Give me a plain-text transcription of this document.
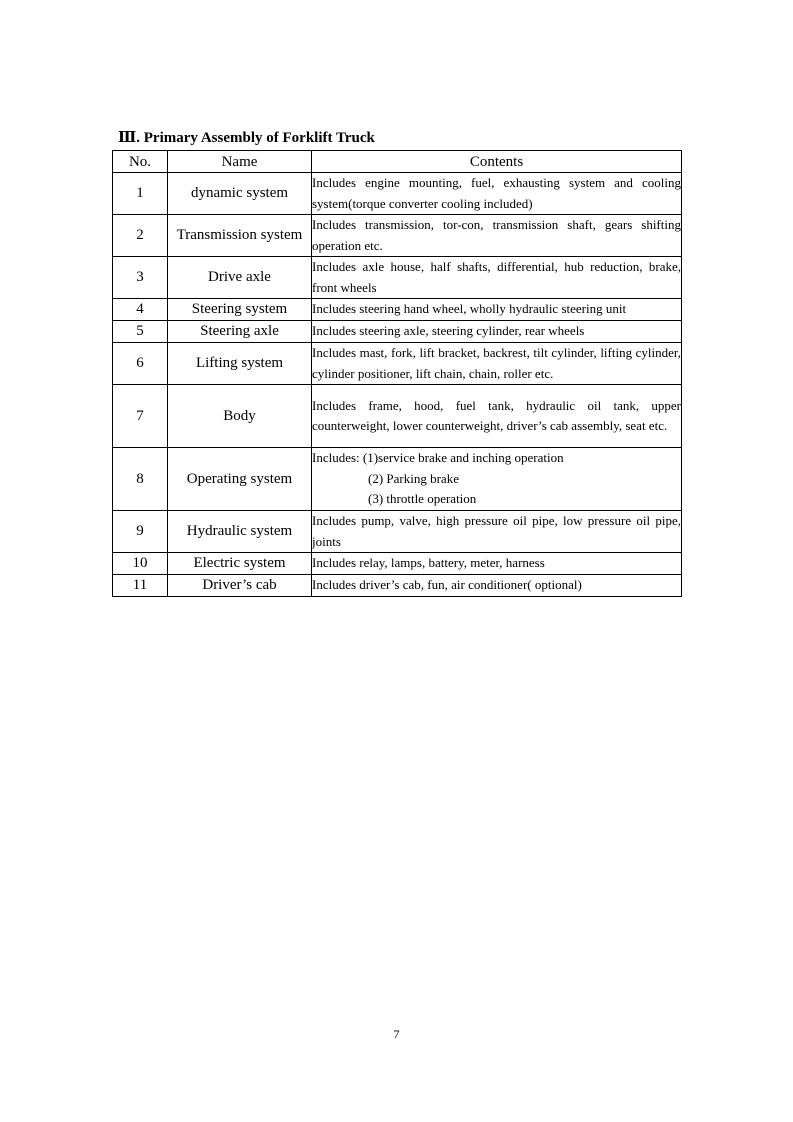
Ⅲ. Primary Assembly of Forklift Truck
No.	Name	Contents
1	dynamic system	Includes engine mounting, fuel, exhausting system and cooling system(torque converter cooling included)

2	Transmission system	Includes transmission, tor-con, transmission shaft, gears shifting operation etc.

3	Drive axle	Includes axle house, half shafts, differential, hub reduction, brake, front wheels

4	Steering system	Includes steering hand wheel, wholly hydraulic steering unit

5	Steering axle	Includes steering axle, steering cylinder, rear wheels

6	Lifting system	Includes mast, fork, lift bracket, backrest, tilt cylinder, lifting cylinder, cylinder positioner, lift chain, chain, roller etc.

7	Body	Includes frame, hood, fuel tank, hydraulic oil tank, upper counterweight, lower counterweight, driver’s cab assembly, seat etc.

8	Operating system	Includes: (1)service brake and inching operation
(2) Parking brake
(3) throttle operation

9	Hydraulic system	Includes pump, valve, high pressure oil pipe, low pressure oil pipe, joints

10	Electric system	Includes relay, lamps, battery, meter, harness

11	Driver’s cab	Includes driver’s cab, fun, air conditioner( optional)
7
